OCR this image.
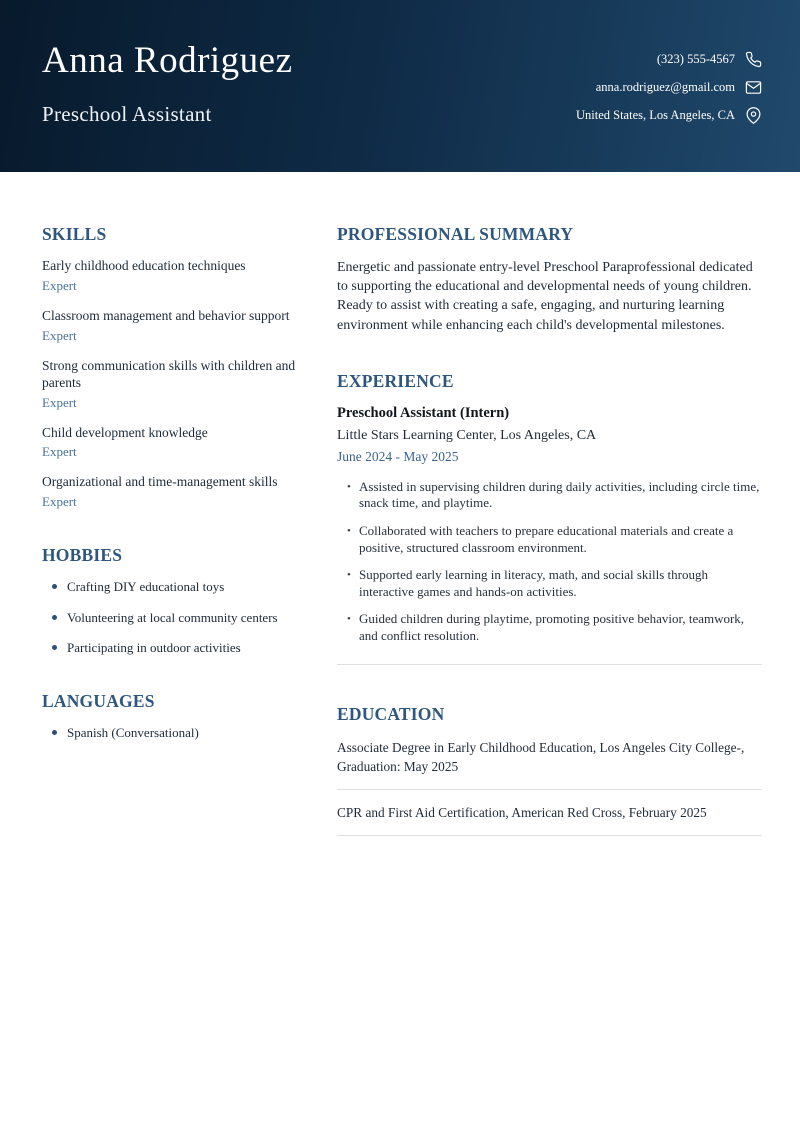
Anna Rodriguez
Preschool Assistant
(323) 555-4567
anna.rodriguez@gmail.com
United States, Los Angeles, CA
SKILLS
Early childhood education techniques
Expert
Classroom management and behavior support
Expert
Strong communication skills with children and parents
Expert
Child development knowledge
Expert
Organizational and time-management skills
Expert
HOBBIES
Crafting DIY educational toys
Volunteering at local community centers
Participating in outdoor activities
LANGUAGES
Spanish (Conversational)
PROFESSIONAL SUMMARY

Energetic and passionate entry-level Preschool Paraprofessional dedicated to supporting the educational and developmental needs of young children. Ready to assist with creating a safe, engaging, and nurturing learning environment while enhancing each child's developmental milestones.

EXPERIENCE
Preschool Assistant (Intern)
Little Stars Learning Center, Los Angeles, CA
June 2024 - May 2025
• Assisted in supervising children during daily activities, including circle time, snack time, and playtime.
• Collaborated with teachers to prepare educational materials and create a positive, structured classroom environment.
• Supported early learning in literacy, math, and social skills through interactive games and hands-on activities.
• Guided children during playtime, promoting positive behavior, teamwork, and conflict resolution.
EDUCATION
Associate Degree in Early Childhood Education, Los Angeles City College-, Graduation: May 2025
CPR and First Aid Certification, American Red Cross, February 2025
